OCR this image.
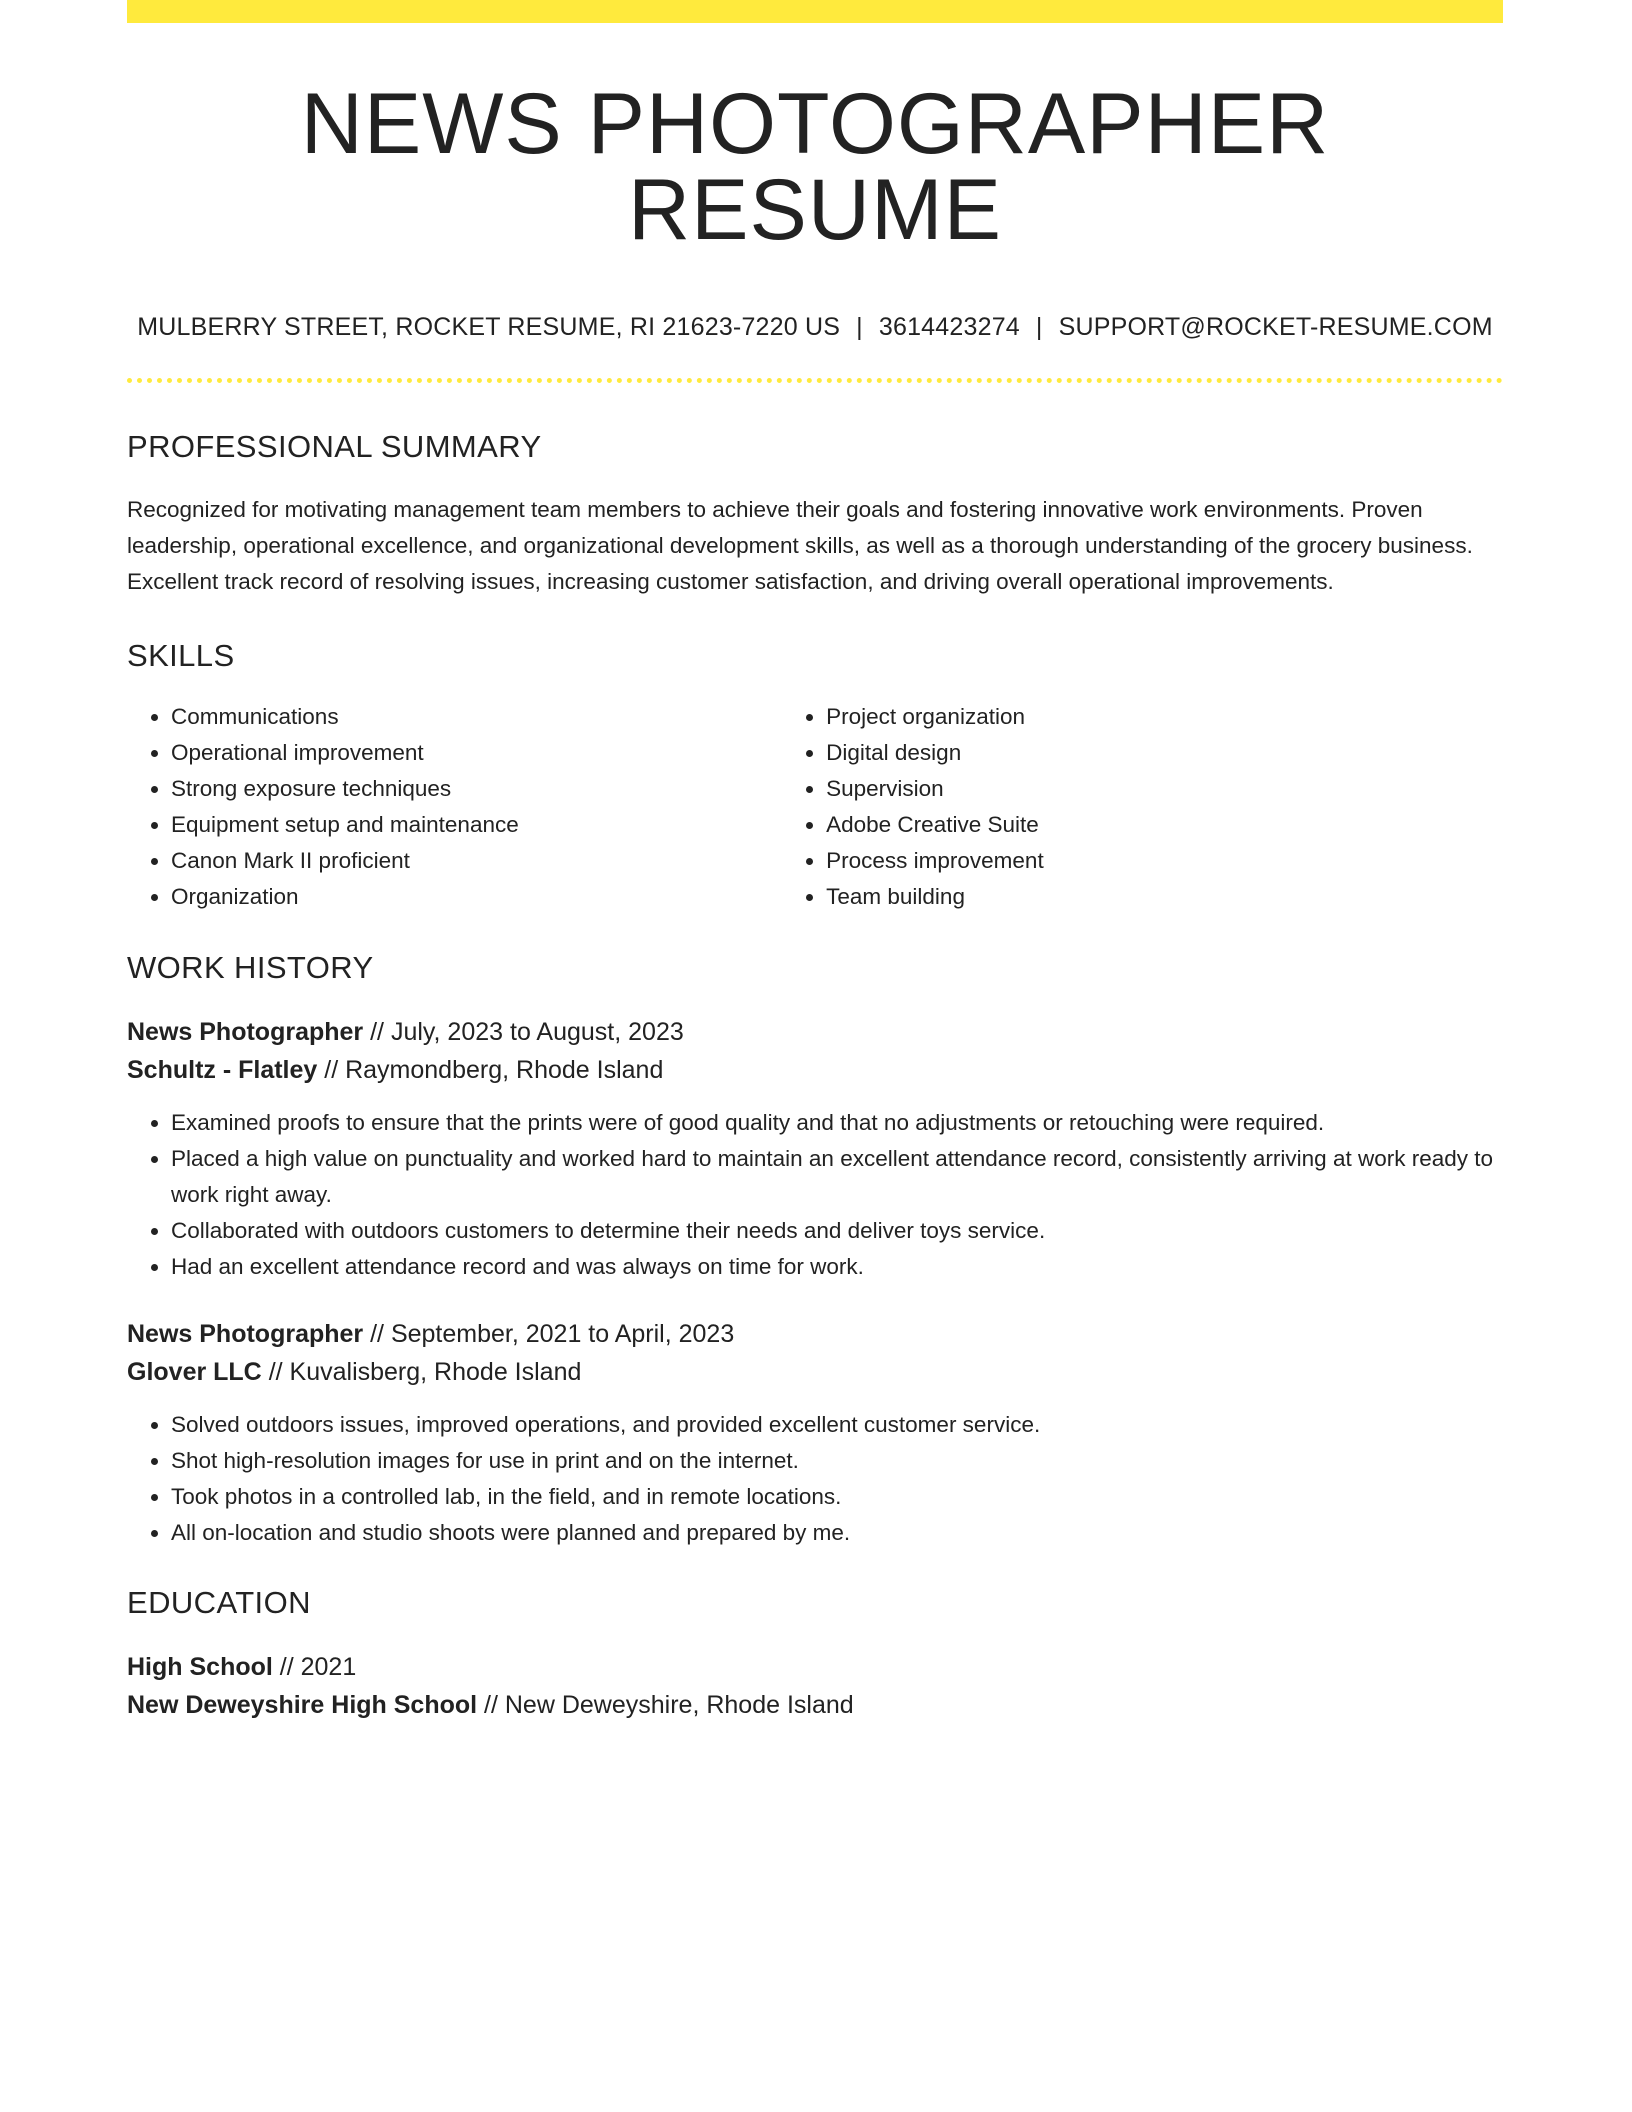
NEWS PHOTOGRAPHER RESUME
MULBERRY STREET, ROCKET RESUME, RI 21623-7220 US | 3614423274 | SUPPORT@ROCKET-RESUME.COM
PROFESSIONAL SUMMARY
Recognized for motivating management team members to achieve their goals and fostering innovative work environments. Proven leadership, operational excellence, and organizational development skills, as well as a thorough understanding of the grocery business. Excellent track record of resolving issues, increasing customer satisfaction, and driving overall operational improvements.
SKILLS
• Communications
• Operational improvement
• Strong exposure techniques
• Equipment setup and maintenance
• Canon Mark II proficient
• Organization
• Project organization
• Digital design
• Supervision
• Adobe Creative Suite
• Process improvement
• Team building
WORK HISTORY
News Photographer // July, 2023 to August, 2023
Schultz - Flatley // Raymondberg, Rhode Island
• Examined proofs to ensure that the prints were of good quality and that no adjustments or retouching were required.
• Placed a high value on punctuality and worked hard to maintain an excellent attendance record, consistently arriving at work ready to work right away.
• Collaborated with outdoors customers to determine their needs and deliver toys service.
• Had an excellent attendance record and was always on time for work.
News Photographer // September, 2021 to April, 2023
Glover LLC // Kuvalisberg, Rhode Island
• Solved outdoors issues, improved operations, and provided excellent customer service.
• Shot high-resolution images for use in print and on the internet.
• Took photos in a controlled lab, in the field, and in remote locations.
• All on-location and studio shoots were planned and prepared by me.
EDUCATION
High School // 2021
New Deweyshire High School // New Deweyshire, Rhode Island
